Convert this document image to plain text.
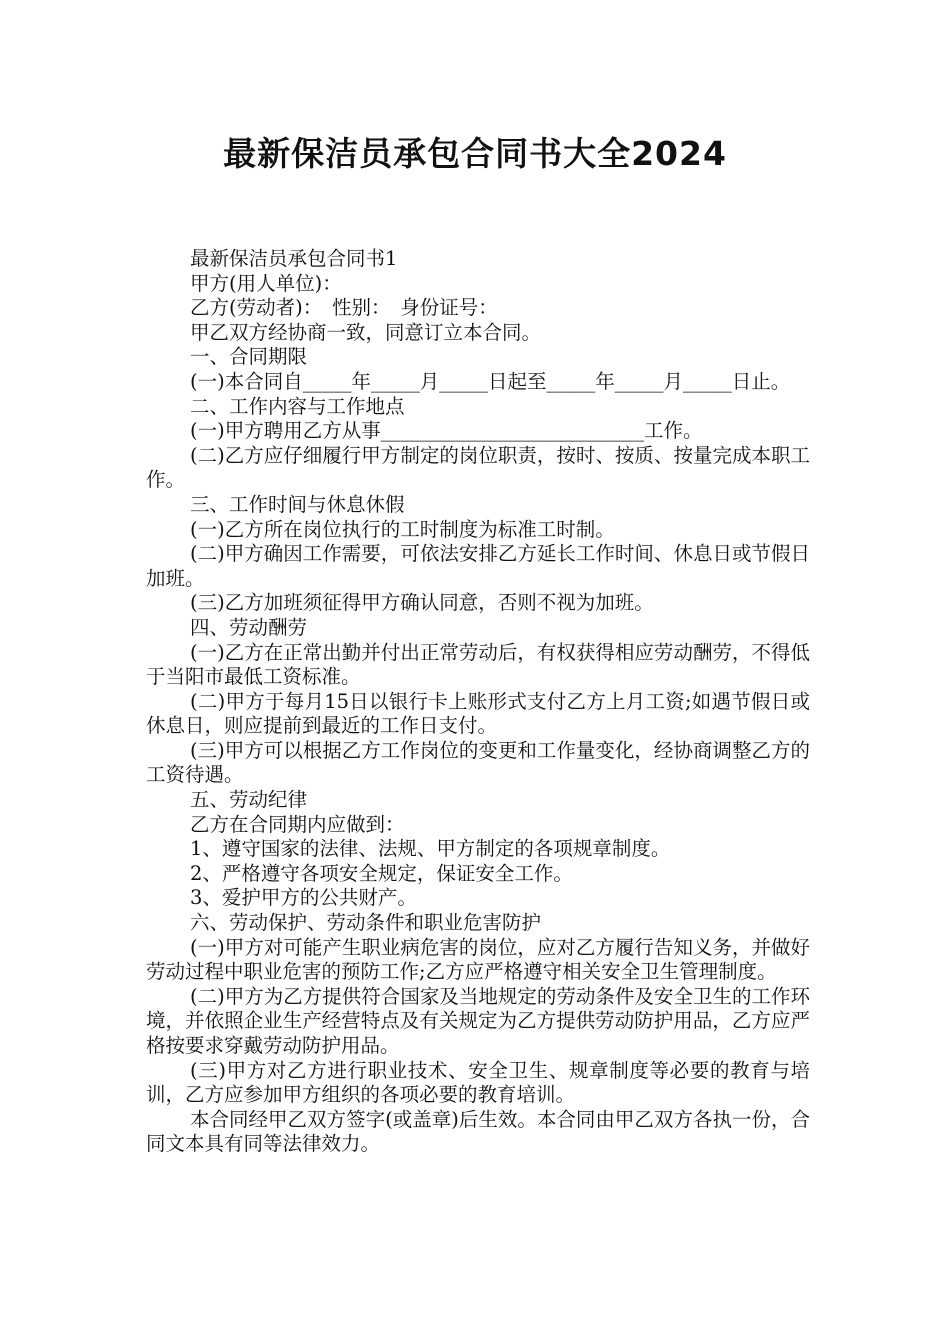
最新保洁员承包合同书大全2024

最新保洁员承包合同书1

甲方(用人单位)：

乙方(劳动者)：　性别：　身份证号：

甲乙双方经协商一致，同意订立本合同。

一、合同期限

(一)本合同自_____年_____月_____日起至_____年_____月_____日止。

二、工作内容与工作地点

(一)甲方聘用乙方从事___________________________工作。

(二)乙方应仔细履行甲方制定的岗位职责，按时、按质、按量完成本职工作。

三、工作时间与休息休假

(一)乙方所在岗位执行的工时制度为标准工时制。

(二)甲方确因工作需要，可依法安排乙方延长工作时间、休息日或节假日加班。

(三)乙方加班须征得甲方确认同意，否则不视为加班。

四、劳动酬劳

(一)乙方在正常出勤并付出正常劳动后，有权获得相应劳动酬劳，不得低于当阳市最低工资标准。

(二)甲方于每月15日以银行卡上账形式支付乙方上月工资;如遇节假日或休息日，则应提前到最近的工作日支付。

(三)甲方可以根据乙方工作岗位的变更和工作量变化，经协商调整乙方的工资待遇。

五、劳动纪律

乙方在合同期内应做到：

1、遵守国家的法律、法规、甲方制定的各项规章制度。

2、严格遵守各项安全规定，保证安全工作。

3、爱护甲方的公共财产。

六、劳动保护、劳动条件和职业危害防护

(一)甲方对可能产生职业病危害的岗位，应对乙方履行告知义务，并做好劳动过程中职业危害的预防工作;乙方应严格遵守相关安全卫生管理制度。

(二)甲方为乙方提供符合国家及当地规定的劳动条件及安全卫生的工作环境，并依照企业生产经营特点及有关规定为乙方提供劳动防护用品，乙方应严格按要求穿戴劳动防护用品。

(三)甲方对乙方进行职业技术、安全卫生、规章制度等必要的教育与培训，乙方应参加甲方组织的各项必要的教育培训。

本合同经甲乙双方签字(或盖章)后生效。本合同由甲乙双方各执一份，合同文本具有同等法律效力。
